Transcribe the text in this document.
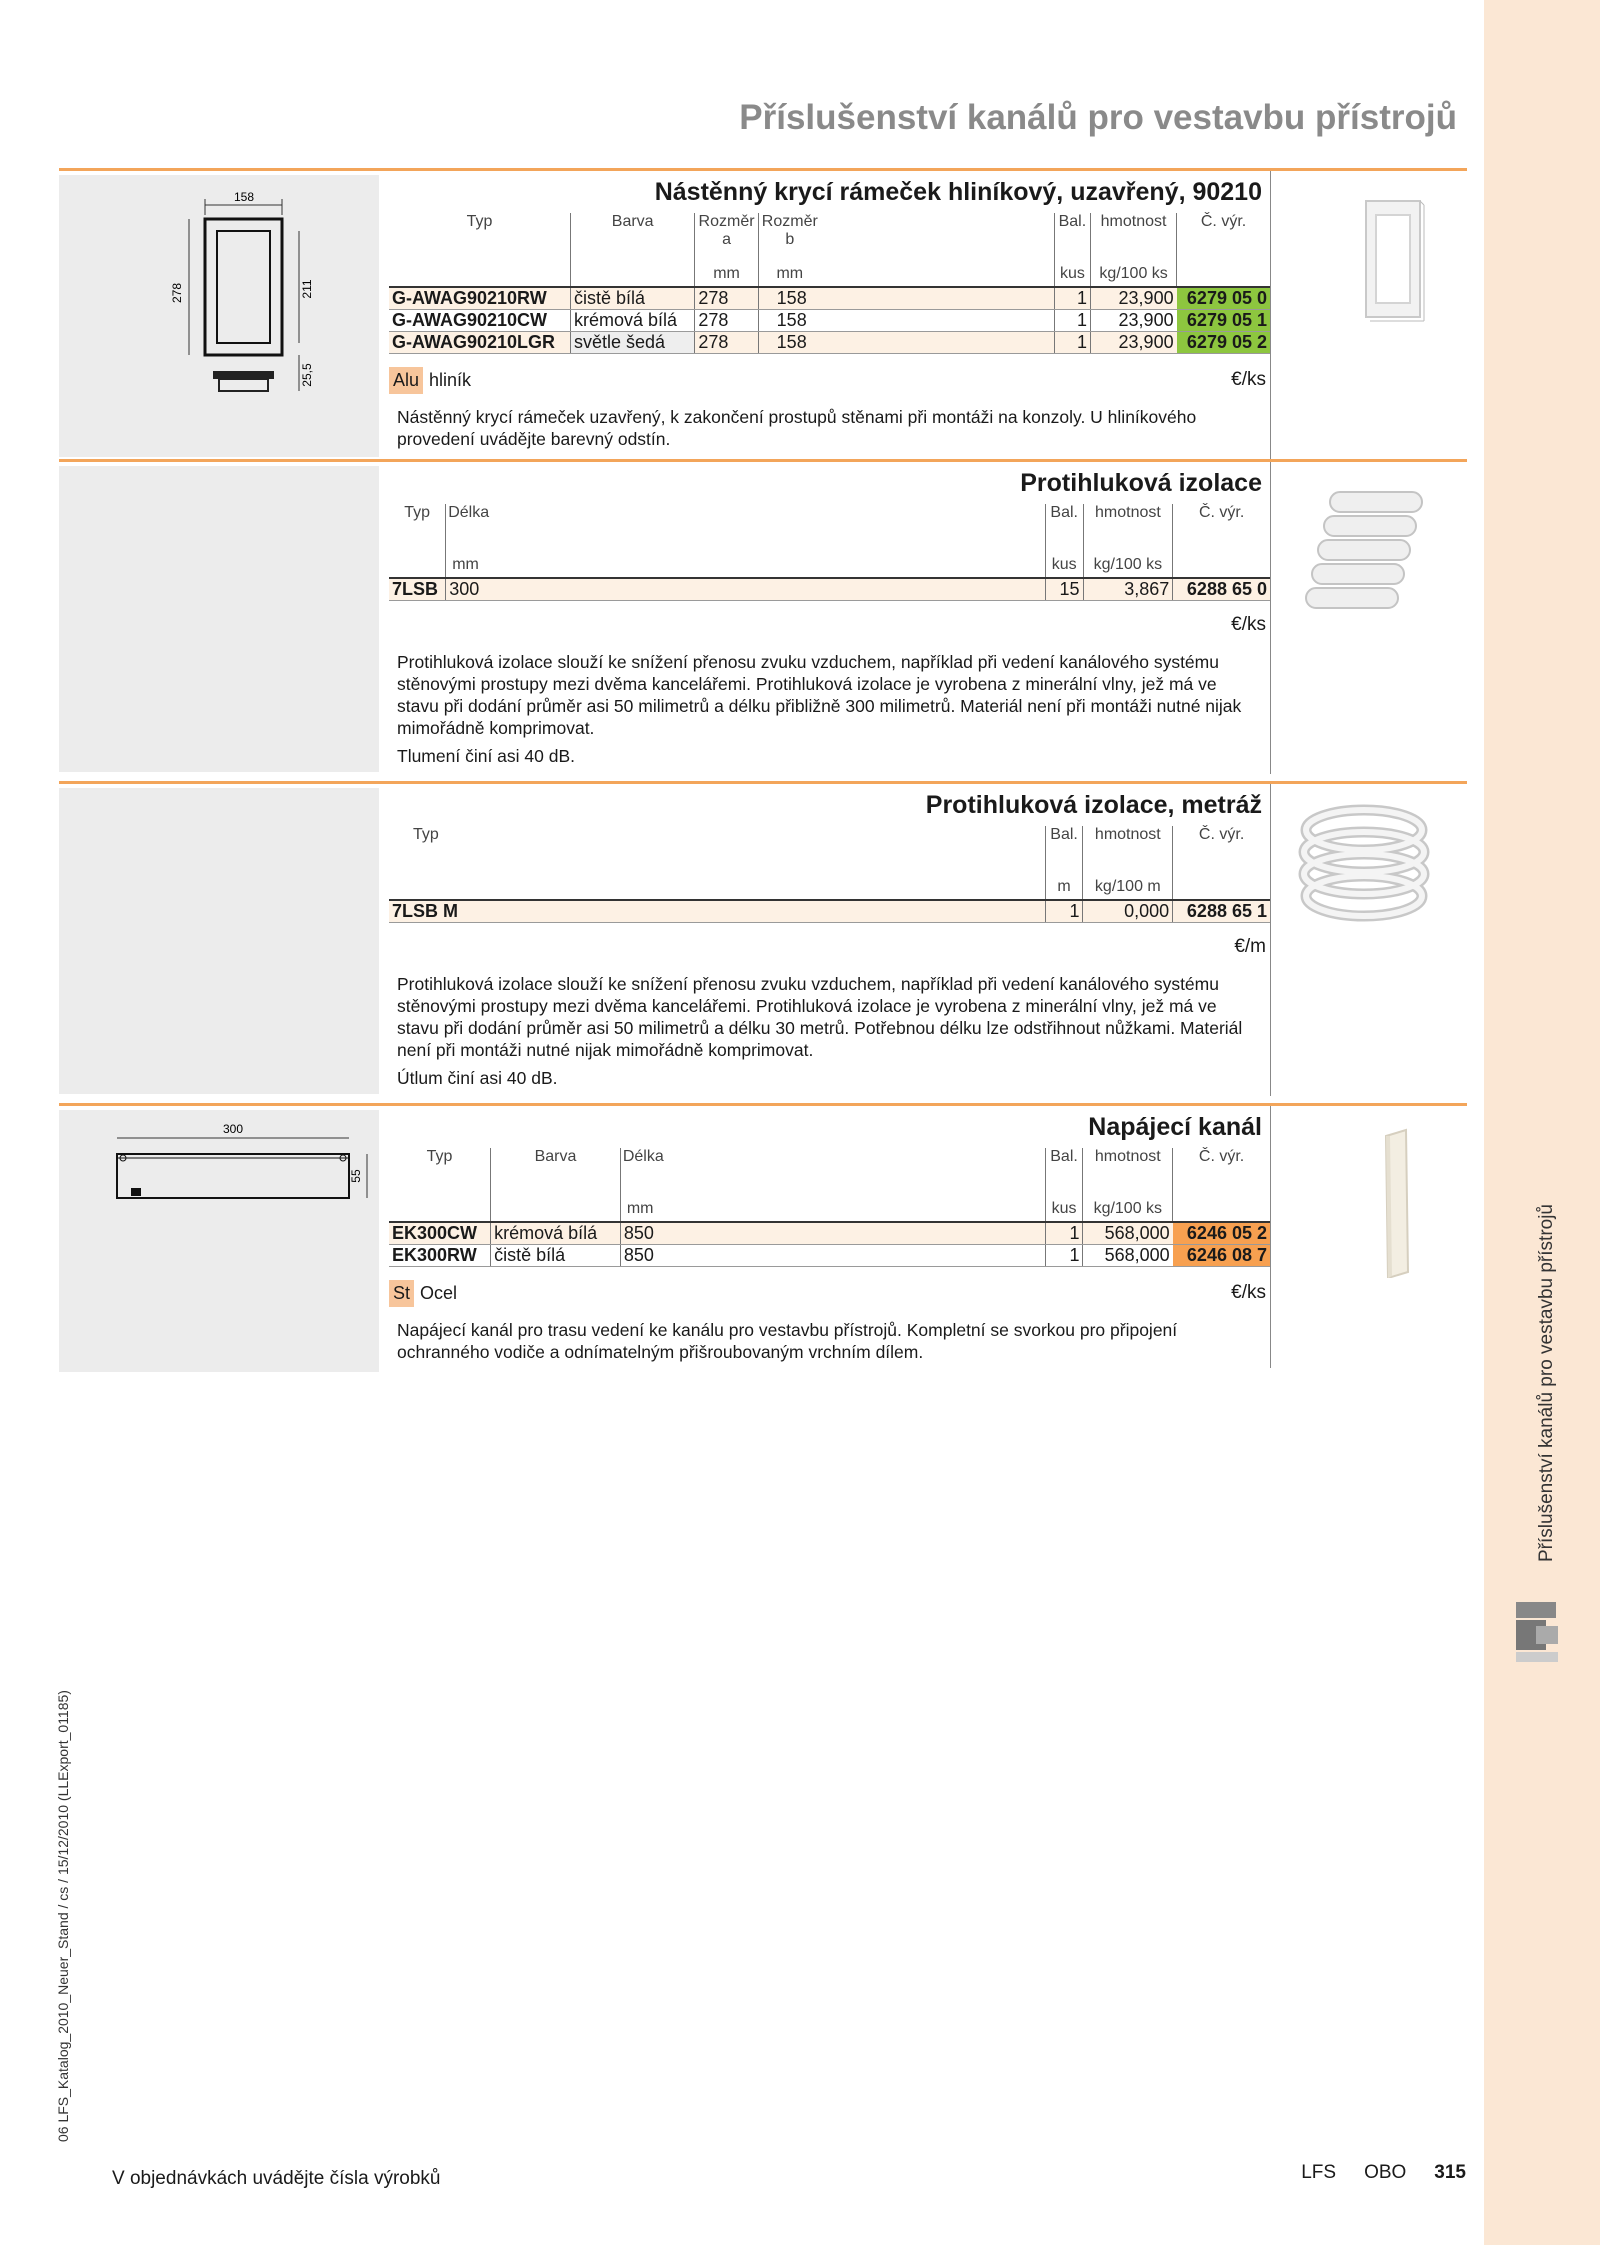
Příslušenství kanálů pro vestavbu přístrojů
06 LFS_Katalog_2010_Neuer_Stand / cs / 15/12/2010 (LLExport_01185)
Příslušenství kanálů pro vestavbu přístrojů
158
278	211
25,5
Nástěnný krycí rámeček hliníkový, uzavřený, 90210
Typ	Barva	Rozměr a	Rozměr b		Bal.	hmotnost	Č. výr.
		mm	mm		kus	kg/100 ks	
G-AWAG90210RW	čistě bílá	278	158		1	23,900	6279 05 0
G-AWAG90210CW	krémová bílá	278	158		1	23,900	6279 05 1
G-AWAG90210LGR	světle šedá	278	158		1	23,900	6279 05 2
Alu hliník	€/ks

Nástěnný krycí rámeček uzavřený, k zakončení prostupů stěnami při montáži na konzoly. U hliníkového provedení uvádějte barevný odstín.

Protihluková izolace
Typ	Délka	Bal.	hmotnost	Č. výr.
	mm	kus	kg/100 ks	
7LSB	300	15	3,867	6288 65 0
€/ks

Protihluková izolace slouží ke snížení přenosu zvuku vzduchem, například při vedení kanálového systému stěnovými prostupy mezi dvěma kancelářemi. Protihluková izolace je vyrobena z minerální vlny, jež má ve stavu při dodání průměr asi 50 milimetrů a délku přibližně 300 milimetrů. Materiál není při montáži nutné nijak mimořádně komprimovat.

Tlumení činí asi 40 dB.

Protihluková izolace, metráž
Typ	Bal.	hmotnost	Č. výr.
	m	kg/100 m	
7LSB M	1	0,000	6288 65 1
€/m

Protihluková izolace slouží ke snížení přenosu zvuku vzduchem, například při vedení kanálového systému stěnovými prostupy mezi dvěma kancelářemi. Protihluková izolace je vyrobena z minerální vlny, jež má ve stavu při dodání průměr asi 50 milimetrů a délku 30 metrů. Potřebnou délku lze odstřihnout nůžkami. Materiál není při montáži nutné nijak mimořádně komprimovat.

Útlum činí asi 40 dB.

300
55
Napájecí kanál
Typ	Barva	Délka	Bal.	hmotnost	Č. výr.
		mm	kus	kg/100 ks	
EK300CW	krémová bílá	850	1	568,000	6246 05 2
EK300RW	čistě bílá	850	1	568,000	6246 08 7
St Ocel	€/ks

Napájecí kanál pro trasu vedení ke kanálu pro vestavbu přístrojů. Kompletní se svorkou pro připojení ochranného vodiče a odnímatelným přišroubovaným vrchním dílem.

V objednávkách uvádějte čísla výrobků	LFS OBO 315
